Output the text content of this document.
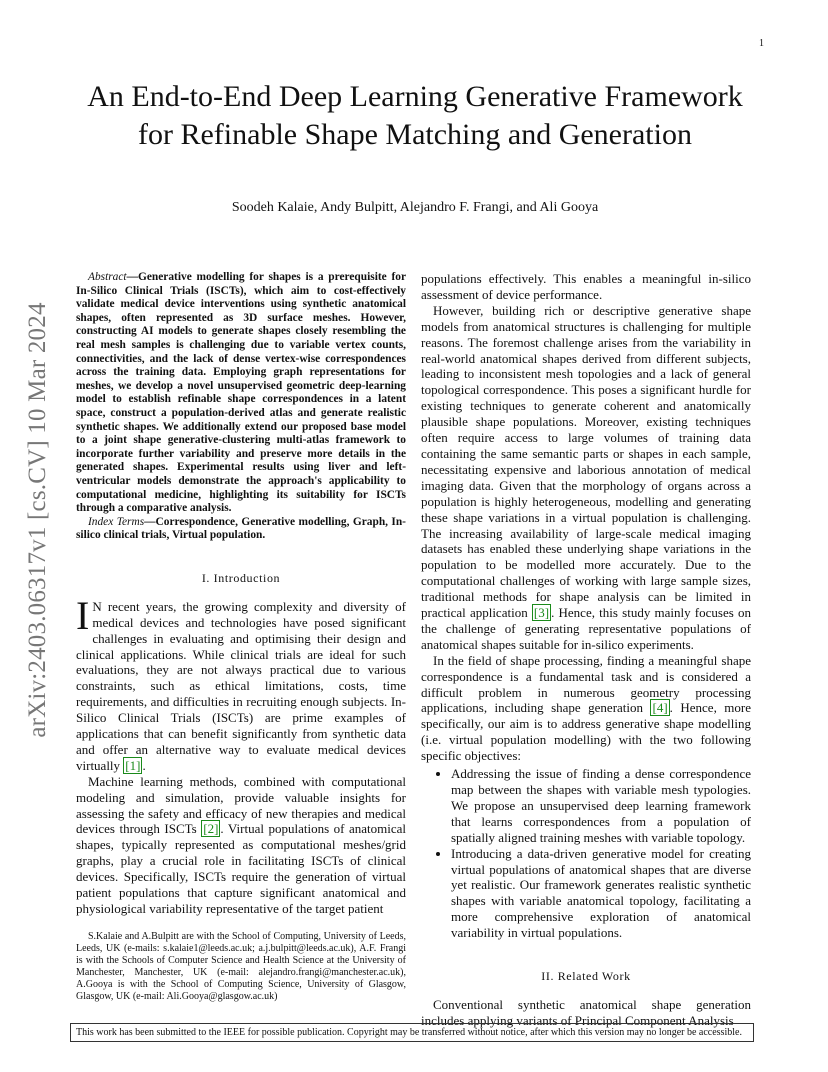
1
arXiv:2403.06317v1 [cs.CV] 10 Mar 2024
An End-to-End Deep Learning Generative Framework for Refinable Shape Matching and Generation
Soodeh Kalaie, Andy Bulpitt, Alejandro F. Frangi, and Ali Gooya

Abstract—Generative modelling for shapes is a prerequisite for In-Silico Clinical Trials (ISCTs), which aim to cost-effectively validate medical device interventions using synthetic anatomical shapes, often represented as 3D surface meshes. However, constructing AI models to generate shapes closely resembling the real mesh samples is challenging due to variable vertex counts, connectivities, and the lack of dense vertex-wise correspondences across the training data. Employing graph representations for meshes, we develop a novel unsupervised geometric deep-learning model to establish refinable shape correspondences in a latent space, construct a population-derived atlas and generate realistic synthetic shapes. We additionally extend our proposed base model to a joint shape generative-clustering multi-atlas framework to incorporate further variability and preserve more details in the generated shapes. Experimental results using liver and left-ventricular models demonstrate the approach's applicability to computational medicine, highlighting its suitability for ISCTs through a comparative analysis.

Index Terms—Correspondence, Generative modelling, Graph, In-silico clinical trials, Virtual population.

I. Introduction

I N recent years, the growing complexity and diversity of medical devices and technologies have posed significant challenges in evaluating and optimising their design and clinical applications. While clinical trials are ideal for such evaluations, they are not always practical due to various constraints, such as ethical limitations, costs, time requirements, and difficulties in recruiting enough subjects. In-Silico Clinical Trials (ISCTs) are prime examples of applications that can benefit significantly from synthetic data and offer an alternative way to evaluate medical devices virtually [1] .

Machine learning methods, combined with computational modeling and simulation, provide valuable insights for assessing the safety and efficacy of new therapies and medical devices through ISCTs [2] . Virtual populations of anatomical shapes, typically represented as computational meshes/grid graphs, play a crucial role in facilitating ISCTs of clinical devices. Specifically, ISCTs require the generation of virtual patient populations that capture significant anatomical and physiological variability representative of the target patient

S.Kalaie and A.Bulpitt are with the School of Computing, University of Leeds, Leeds, UK (e-mails: s.kalaie1@leeds.ac.uk; a.j.bulpitt@leeds.ac.uk), A.F. Frangi is with the Schools of Computer Science and Health Science at the University of Manchester, Manchester, UK (e-mail: alejandro.frangi@manchester.ac.uk), A.Gooya is with the School of Computing Science, University of Glasgow, Glasgow, UK (e-mail: Ali.Gooya@glasgow.ac.uk)

populations effectively. This enables a meaningful in-silico assessment of device performance.

However, building rich or descriptive generative shape models from anatomical structures is challenging for multiple reasons. The foremost challenge arises from the variability in real-world anatomical shapes derived from different subjects, leading to inconsistent mesh topologies and a lack of general topological correspondence. This poses a significant hurdle for existing techniques to generate coherent and anatomically plausible shape populations. Moreover, existing techniques often require access to large volumes of training data containing the same semantic parts or shapes in each sample, necessitating expensive and laborious annotation of medical imaging data. Given that the morphology of organs across a population is highly heterogeneous, modelling and generating these shape variations in a virtual population is challenging. The increasing availability of large-scale medical imaging datasets has enabled these underlying shape variations in the population to be modelled more accurately. Due to the computational challenges of working with large sample sizes, traditional methods for shape analysis can be limited in practical application [3] . Hence, this study mainly focuses on the challenge of generating representative populations of anatomical shapes suitable for in-silico experiments.

In the field of shape processing, finding a meaningful shape correspondence is a fundamental task and is considered a difficult problem in numerous geometry processing applications, including shape generation [4] . Hence, more specifically, our aim is to address generative shape modelling (i.e. virtual population modelling) with the two following specific objectives:

• Addressing the issue of finding a dense correspondence map between the shapes with variable mesh typologies. We propose an unsupervised deep learning framework that learns correspondences from a population of spatially aligned training meshes with variable topology.
• Introducing a data-driven generative model for creating virtual populations of anatomical shapes that are diverse yet realistic. Our framework generates realistic synthetic shapes with variable anatomical topology, facilitating a more comprehensive exploration of anatomical variability in virtual populations.
II. Related Work

Conventional synthetic anatomical shape generation includes applying variants of Principal Component Analysis

This work has been submitted to the IEEE for possible publication. Copyright may be transferred without notice, after which this version may no longer be accessible.
